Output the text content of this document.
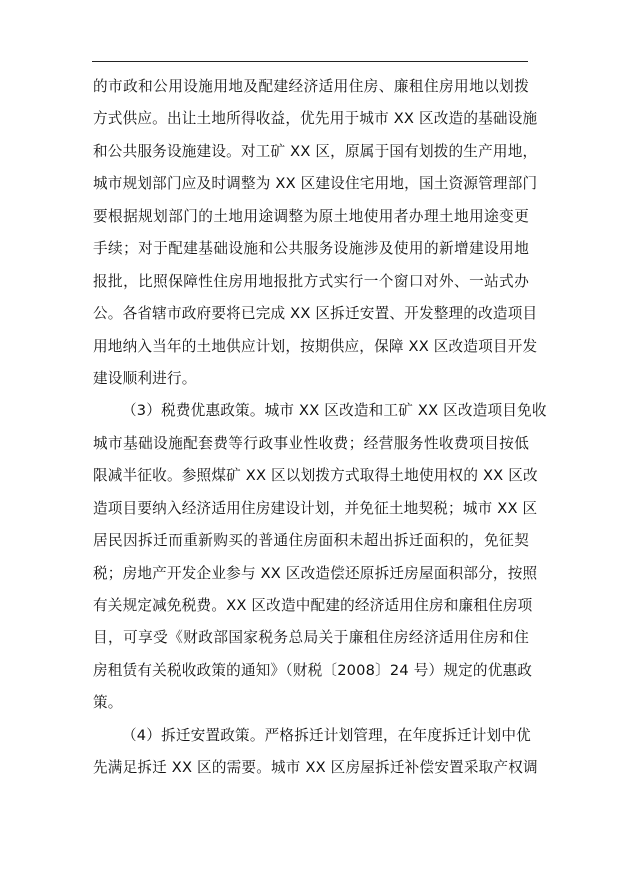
的市政和公用设施用地及配建经济适用住房、廉租住房用地以划拨
方式供应。出让土地所得收益，优先用于城市 XX 区改造的基础设施
和公共服务设施建设。对工矿 XX 区，原属于国有划拨的生产用地，
城市规划部门应及时调整为 XX 区建设住宅用地，国土资源管理部门
要根据规划部门的土地用途调整为原土地使用者办理土地用途变更
手续；对于配建基础设施和公共服务设施涉及使用的新增建设用地
报批，比照保障性住房用地报批方式实行一个窗口对外、一站式办
公。各省辖市政府要将已完成 XX 区拆迁安置、开发整理的改造项目
用地纳入当年的土地供应计划，按期供应，保障 XX 区改造项目开发
建设顺利进行。
（3）税费优惠政策。城市 XX 区改造和工矿 XX 区改造项目免收
城市基础设施配套费等行政事业性收费；经营服务性收费项目按低
限减半征收。参照煤矿 XX 区以划拨方式取得土地使用权的 XX 区改
造项目要纳入经济适用住房建设计划，并免征土地契税；城市 XX 区
居民因拆迁而重新购买的普通住房面积未超出拆迁面积的，免征契
税；房地产开发企业参与 XX 区改造偿还原拆迁房屋面积部分，按照
有关规定减免税费。XX 区改造中配建的经济适用住房和廉租住房项
目，可享受《财政部国家税务总局关于廉租住房经济适用住房和住
房租赁有关税收政策的通知》（财税〔2008〕24 号）规定的优惠政
策。
（4）拆迁安置政策。严格拆迁计划管理，在年度拆迁计划中优
先满足拆迁 XX 区的需要。城市 XX 区房屋拆迁补偿安置采取产权调
